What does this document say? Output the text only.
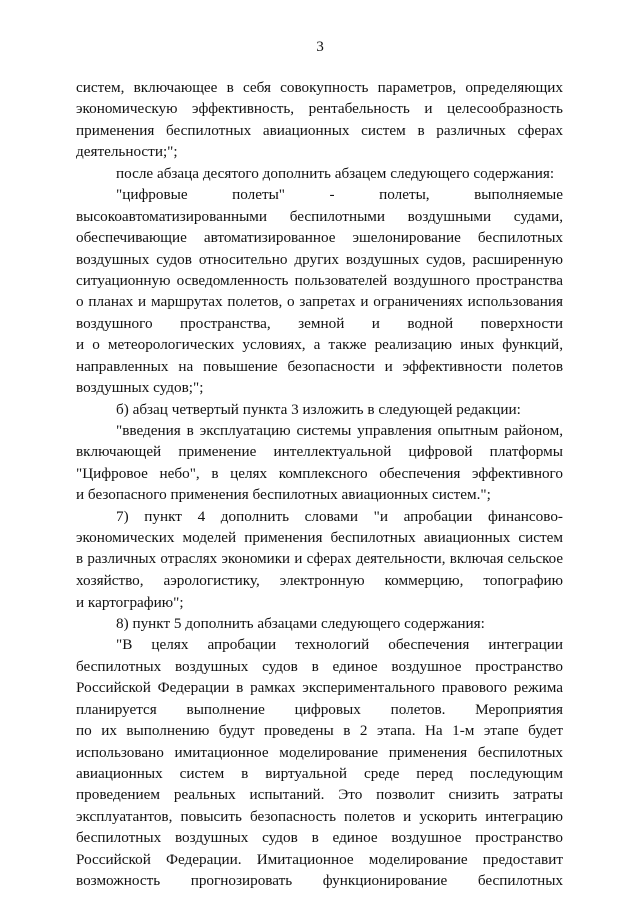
3
систем, включающее в себя совокупность параметров, определяющих
экономическую эффективность, рентабельность и целесообразность
применения беспилотных авиационных систем в различных сферах
деятельности;";
после абзаца десятого дополнить абзацем следующего содержания:
"цифровые полеты" - полеты, выполняемые
высокоавтоматизированными беспилотными воздушными судами,
обеспечивающие автоматизированное эшелонирование беспилотных
воздушных судов относительно других воздушных судов, расширенную
ситуационную осведомленность пользователей воздушного пространства
о планах и маршрутах полетов, о запретах и ограничениях использования
воздушного пространства, земной и водной поверхности
и о метеорологических условиях, а также реализацию иных функций,
направленных на повышение безопасности и эффективности полетов
воздушных судов;";
б) абзац четвертый пункта 3 изложить в следующей редакции:
"введения в эксплуатацию системы управления опытным районом,
включающей применение интеллектуальной цифровой платформы
"Цифровое небо", в целях комплексного обеспечения эффективного
и безопасного применения беспилотных авиационных систем.";
7) пункт 4 дополнить словами "и апробации финансово-
экономических моделей применения беспилотных авиационных систем
в различных отраслях экономики и сферах деятельности, включая сельское
хозяйство, аэрологистику, электронную коммерцию, топографию
и картографию";
8) пункт 5 дополнить абзацами следующего содержания:
"В целях апробации технологий обеспечения интеграции
беспилотных воздушных судов в единое воздушное пространство
Российской Федерации в рамках экспериментального правового режима
планируется выполнение цифровых полетов. Мероприятия
по их выполнению будут проведены в 2 этапа. На 1-м этапе будет
использовано имитационное моделирование применения беспилотных
авиационных систем в виртуальной среде перед последующим
проведением реальных испытаний. Это позволит снизить затраты
эксплуатантов, повысить безопасность полетов и ускорить интеграцию
беспилотных воздушных судов в единое воздушное пространство
Российской Федерации. Имитационное моделирование предоставит
возможность прогнозировать функционирование беспилотных
